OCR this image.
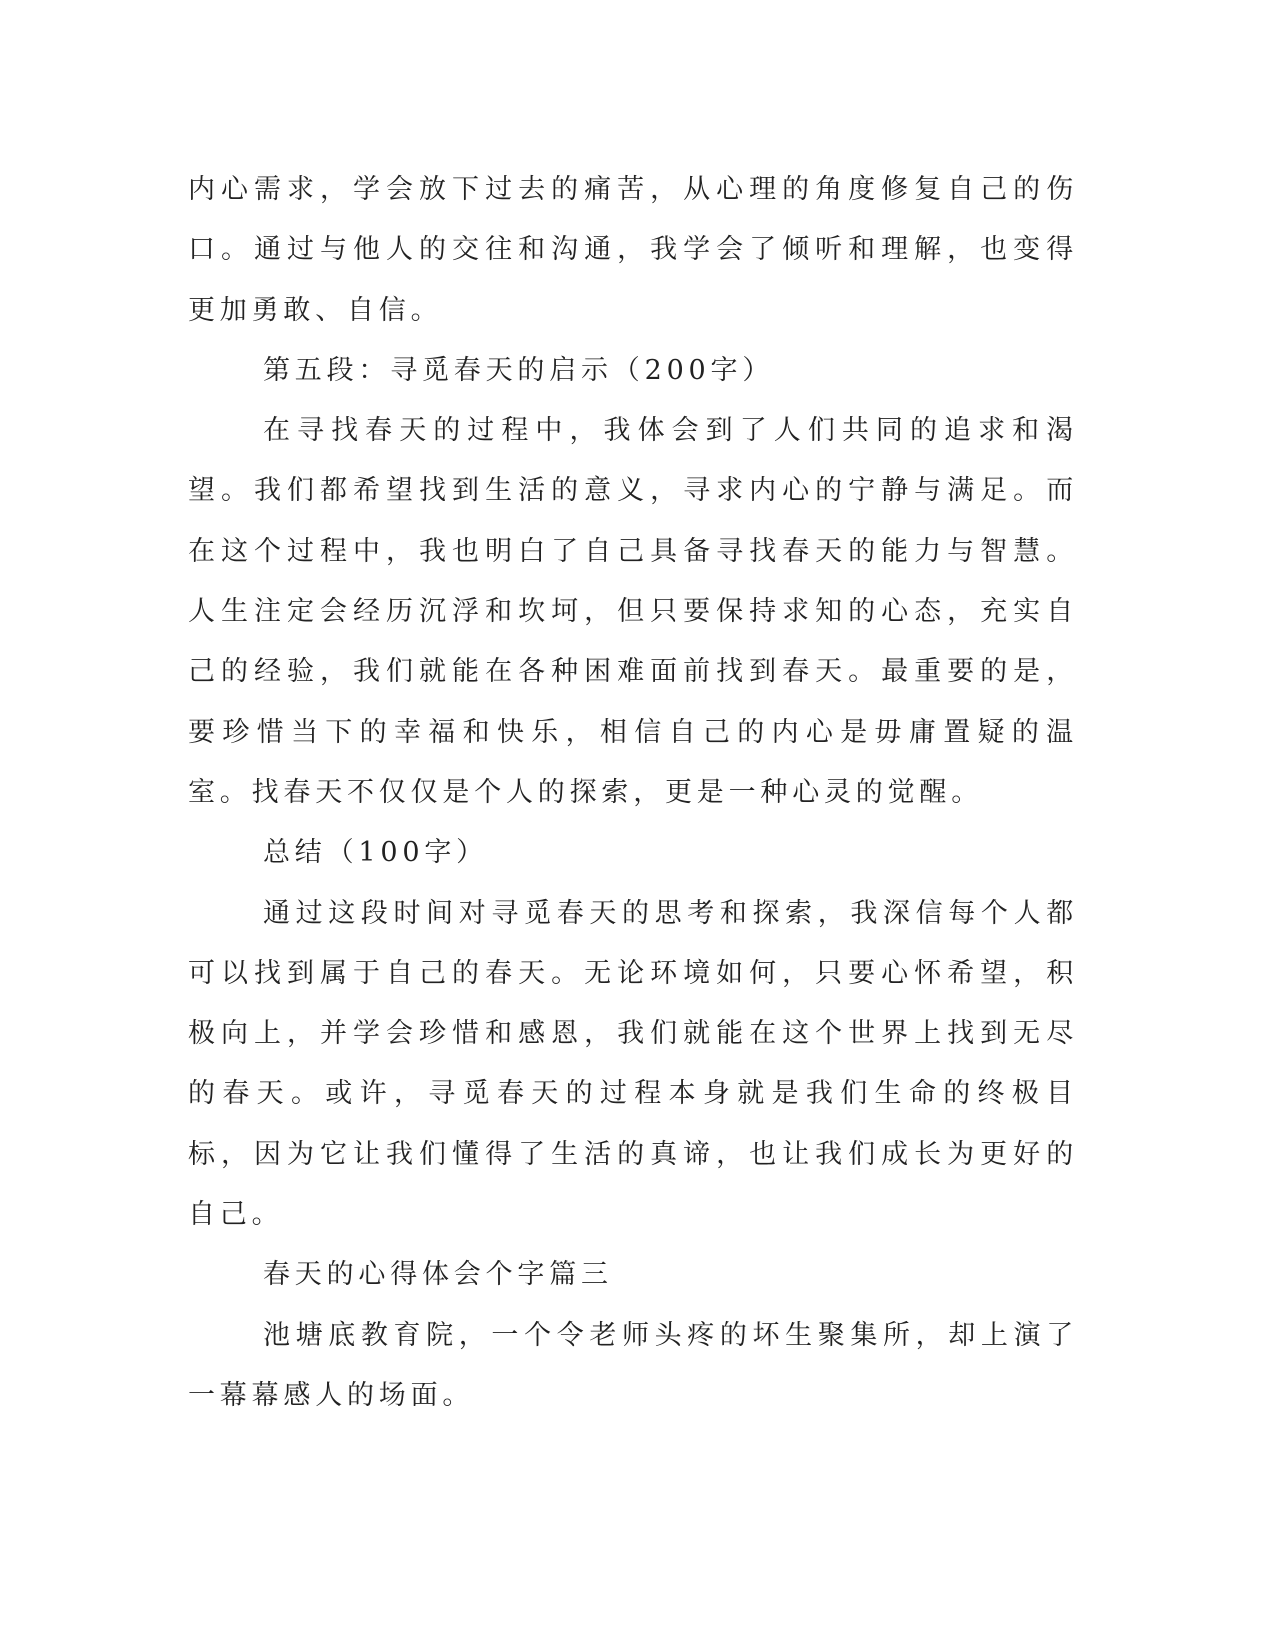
内心需求，学会放下过去的痛苦，从心理的角度修复自己的伤口。通过与他人的交往和沟通，我学会了倾听和理解，也变得更加勇敢、自信。

第五段：寻觅春天的启示（200字）

在寻找春天的过程中，我体会到了人们共同的追求和渴望。我们都希望找到生活的意义，寻求内心的宁静与满足。而在这个过程中，我也明白了自己具备寻找春天的能力与智慧。人生注定会经历沉浮和坎坷，但只要保持求知的心态，充实自己的经验，我们就能在各种困难面前找到春天。最重要的是，要珍惜当下的幸福和快乐，相信自己的内心是毋庸置疑的温室。找春天不仅仅是个人的探索，更是一种心灵的觉醒。

总结（100字）

通过这段时间对寻觅春天的思考和探索，我深信每个人都可以找到属于自己的春天。无论环境如何，只要心怀希望，积极向上，并学会珍惜和感恩，我们就能在这个世界上找到无尽的春天。或许，寻觅春天的过程本身就是我们生命的终极目标，因为它让我们懂得了生活的真谛，也让我们成长为更好的自己。

春天的心得体会个字篇三

池塘底教育院，一个令老师头疼的坏生聚集所，却上演了一幕幕感人的场面。
